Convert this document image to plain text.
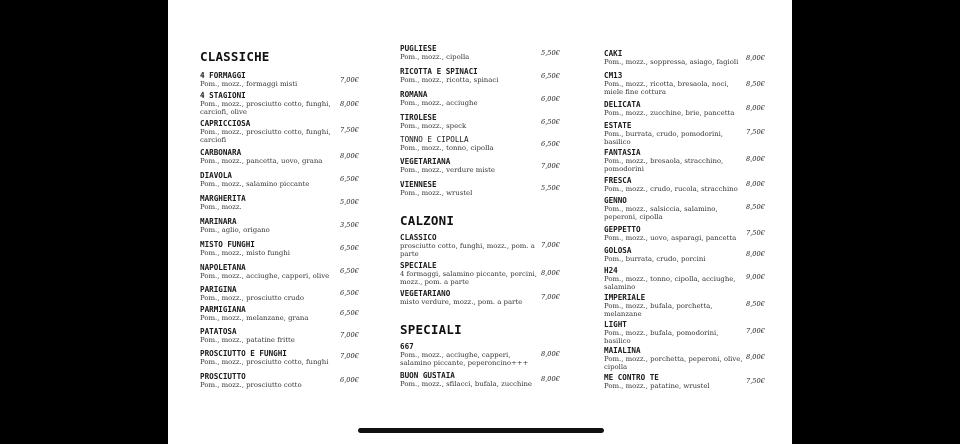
CLASSICHE
4 FORMAGGI
Pom., mozz., formaggi misti	7,00€
4 STAGIONI
Pom., mozz., prosciutto cotto, funghi, carciofi, olive
8,00€
CAPRICCIOSA
Pom., mozz., prosciutto cotto, funghi, carciofi
7,50€
CARBONARA
Pom., mozz., pancetta, uovo, grana
8,00€
DIAVOLA
Pom., mozz., salamino piccante
6,50€
MARGHERITA
Pom., mozz.
5,00€
MARINARA
Pom., aglio, origano
3,50€
MISTO FUNGHI
Pom., mozz., misto funghi
6,50€
NAPOLETANA
Pom., mozz., acciughe, capperi, olive
6,50€
PARIGINA
Pom., mozz., prosciutto crudo
6,50€
PARMIGIANA
Pom., mozz., melanzane, grana
6,50€
PATATOSA
Pom., mozz., patatine fritte
7,00€
PROSCIUTTO E FUNGHI
Pom., mozz., prosciutto cotto, funghi
7,00€
PROSCIUTTO
Pom., mozz., prosciutto cotto
6,00€
PUGLIESE
Pom., mozz., cipolla	5,50€
RICOTTA E SPINACI
Pom., mozz., ricotta, spinaci	6,50€
ROMANA
Pom., mozz., acciughe	6,00€
TIROLESE
Pom., mozz., speck	6,50€
TONNO E CIPOLLA
Pom., mozz., tonno, cipolla	6,50€
VEGETARIANA
Pom., mozz., verdure miste	7,00€
VIENNESE
Pom., mozz., wrustel
5,50€
CALZONI
CLASSICO
prosciutto cotto, funghi, mozz., pom. a parte
7,00€
SPECIALE
4 formaggi, salamino piccante, porcini, mozz., pom. a parte
8,00€
VEGETARIANO
misto verdure, mozz., pom. a parte
7,00€
SPECIALI
667
Pom., mozz., acciughe, capperi, salamino piccante, peperoncino+++
8,00€
BUON GUSTAIA
Pom., mozz., sfilacci, bufala, zucchine
8,00€
CAKI
Pom., mozz., soppressa, asiago, fagioli	8,00€
CM13
Pom., mozz., ricotta, bresaola, noci, miele fine cottura
8,50€
DELICATA
Pom., mozz., zucchine, brie, pancetta
8,00€
ESTATE
Pom., burrata, crudo, pomodorini, basilico
7,50€
FANTASIA
Pom., mozz., bresaola, stracchino, pomodorini
8,00€
FRESCA
Pom., mozz., crudo, rucola, stracchino
8,00€
GENNO
Pom., mozz., salsiccia, salamino, peperoni, cipolla
8,50€
GEPPETTO
Pom., mozz., uovo, asparagi, pancetta
7,50€
GOLOSA
Pom., burrata, crudo, porcini
8,00€
H24
Pom., mozz., tonno, cipolla, acciughe, salamino
9,00€
IMPERIALE
Pom., mozz., bufala, porchetta, melanzane
8,50€
LIGHT
Pom., mozz., bufala, pomodorini, basilico
7,00€
MAIALINA
Pom., mozz., porchetta, peperoni, olive, cipolla
8,00€
ME CONTRO TE
Pom., mozz., patatine, wrustel
7,50€
